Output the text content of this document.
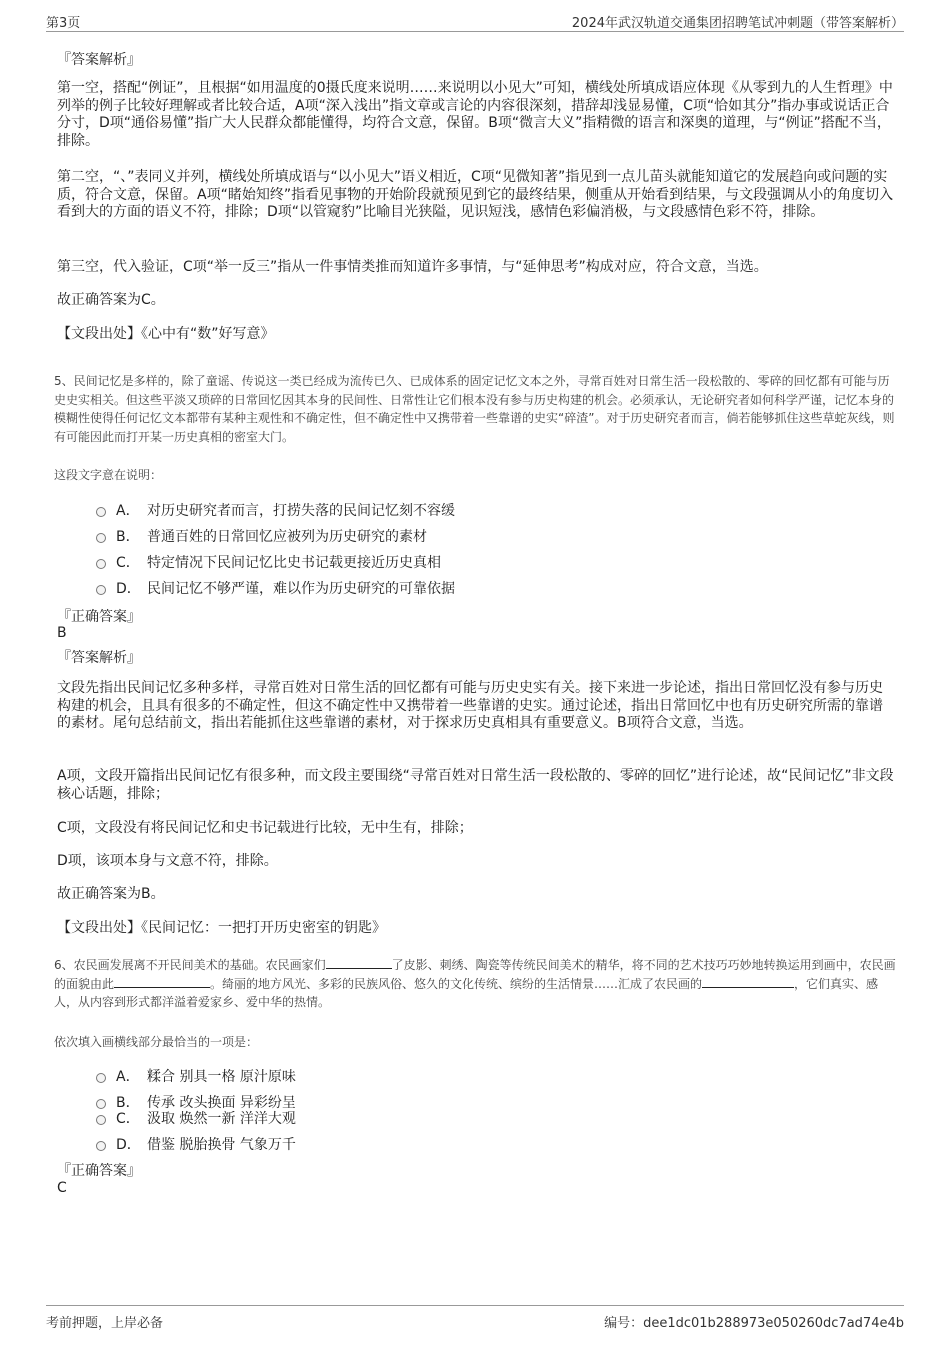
第3页	2024年武汉轨道交通集团招聘笔试冲刺题（带答案解析）
『答案解析』
第一空，搭配“例证”，且根据“如用温度的0摄氏度来说明……来说明以小见大”可知，横线处所填成语应体现《从零到九的人生哲理》中列举的例子比较好理解或者比较合适，A项“深入浅出”指文章或言论的内容很深刻，措辞却浅显易懂，C项“恰如其分”指办事或说话正合分寸，D项“通俗易懂”指广大人民群众都能懂得，均符合文意，保留。B项“微言大义”指精微的语言和深奥的道理，与“例证”搭配不当，排除。
第二空，“、”表同义并列，横线处所填成语与“以小见大”语义相近，C项“见微知著”指见到一点儿苗头就能知道它的发展趋向或问题的实质，符合文意，保留。A项“睹始知终”指看见事物的开始阶段就预见到它的最终结果，侧重从开始看到结果，与文段强调从小的角度切入看到大的方面的语义不符，排除；D项“以管窥豹”比喻目光狭隘，见识短浅，感情色彩偏消极，与文段感情色彩不符，排除。
第三空，代入验证，C项“举一反三”指从一件事情类推而知道许多事情，与“延伸思考”构成对应，符合文意，当选。
故正确答案为C。
【文段出处】《心中有“数”好写意》
5、民间记忆是多样的，除了童谣、传说这一类已经成为流传已久、已成体系的固定记忆文本之外，寻常百姓对日常生活一段松散的、零碎的回忆都有可能与历史史实相关。但这些平淡又琐碎的日常回忆因其本身的民间性、日常性让它们根本没有参与历史构建的机会。必须承认，无论研究者如何科学严谨，记忆本身的模糊性使得任何记忆文本都带有某种主观性和不确定性，但不确定性中又携带着一些靠谱的史实“碎渣”。对于历史研究者而言，倘若能够抓住这些草蛇灰线，则有可能因此而打开某一历史真相的密室大门。
这段文字意在说明：
A． 对历史研究者而言，打捞失落的民间记忆刻不容缓
B． 普通百姓的日常回忆应被列为历史研究的素材
C． 特定情况下民间记忆比史书记载更接近历史真相
D． 民间记忆不够严谨，难以作为历史研究的可靠依据
『正确答案』
B
『答案解析』
文段先指出民间记忆多种多样，寻常百姓对日常生活的回忆都有可能与历史史实有关。接下来进一步论述，指出日常回忆没有参与历史构建的机会，且具有很多的不确定性，但这不确定性中又携带着一些靠谱的史实。通过论述，指出日常回忆中也有历史研究所需的靠谱的素材。尾句总结前文，指出若能抓住这些靠谱的素材，对于探求历史真相具有重要意义。B项符合文意，当选。
A项，文段开篇指出民间记忆有很多种，而文段主要围绕“寻常百姓对日常生活一段松散的、零碎的回忆”进行论述，故“民间记忆”非文段核心话题，排除；
C项，文段没有将民间记忆和史书记载进行比较，无中生有，排除；
D项，该项本身与文意不符，排除。
故正确答案为B。
【文段出处】《民间记忆：一把打开历史密室的钥匙》
6、农民画发展离不开民间美术的基础。农民画家们	了皮影、刺绣、陶瓷等传统民间美术的精华，将不同的艺术技巧巧妙地转换运用到画中，农民画的面貌由此	。绮丽的地方风光、多彩的民族风俗、悠久的文化传统、缤纷的生活情景……汇成了农民画的	，它们真实、感人，从内容到形式都洋溢着爱家乡、爱中华的热情。
依次填入画横线部分最恰当的一项是：
A． 糅合 别具一格 原汁原味
B． 传承 改头换面 异彩纷呈
C． 汲取 焕然一新 洋洋大观
D． 借鉴 脱胎换骨 气象万千
『正确答案』
C
考前押题，上岸必备	编号：dee1dc01b288973e050260dc7ad74e4b
